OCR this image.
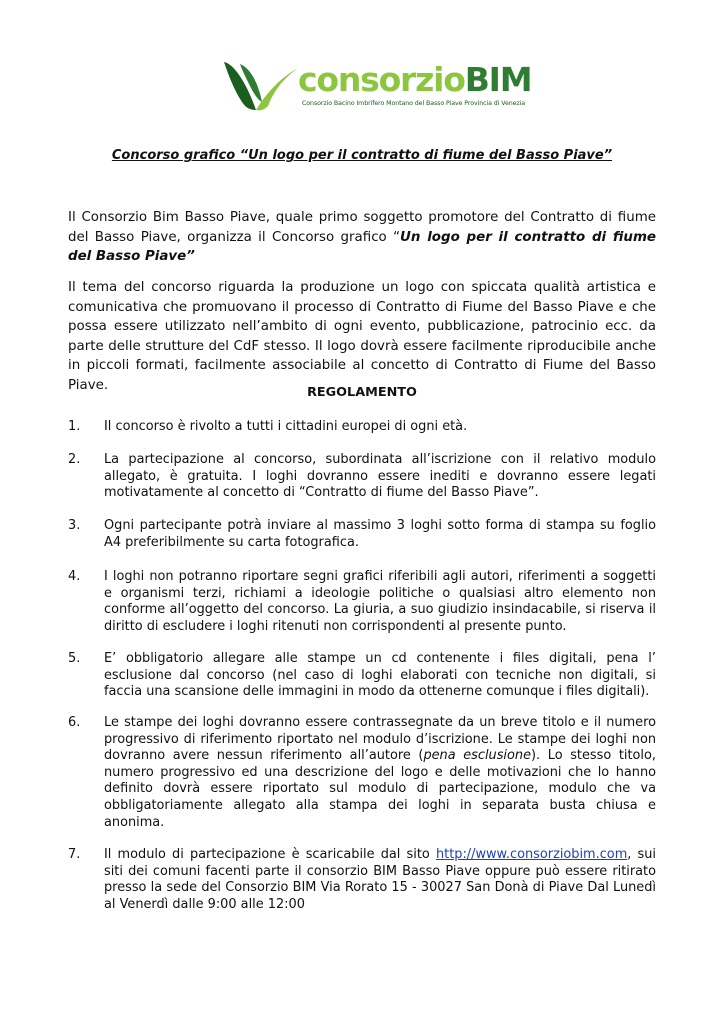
consorzioBIM
Consorzio Bacino Imbrifero Montano del Basso Piave Provincia di Venezia
Concorso grafico “Un logo per il contratto di fiume del Basso Piave”
Il Consorzio Bim Basso Piave, quale primo soggetto promotore del Contratto di fiume del Basso Piave, organizza il Concorso grafico “Un logo per il contratto di fiume del Basso Piave”
Il tema del concorso riguarda la produzione un logo con spiccata qualità artistica e comunicativa che promuovano il processo di Contratto di Fiume del Basso Piave e che possa essere utilizzato nell’ambito di ogni evento, pubblicazione, patrocinio ecc. da parte delle strutture del CdF stesso. Il logo dovrà essere facilmente riproducibile anche in piccoli formati, facilmente associabile al concetto di Contratto di Fiume del Basso Piave.	REGOLAMENTO
1. Il concorso è rivolto a tutti i cittadini europei di ogni età.
2. La partecipazione al concorso, subordinata all’iscrizione con il relativo modulo allegato, è gratuita. I loghi dovranno essere inediti e dovranno essere legati motivatamente al concetto di “Contratto di fiume del Basso Piave”.
3. Ogni partecipante potrà inviare al massimo 3 loghi sotto forma di stampa su foglio A4 preferibilmente su carta fotografica.
4. I loghi non potranno riportare segni grafici riferibili agli autori, riferimenti a soggetti e organismi terzi, richiami a ideologie politiche o qualsiasi altro elemento non conforme all’oggetto del concorso. La giuria, a suo giudizio insindacabile, si riserva il diritto di escludere i loghi ritenuti non corrispondenti al presente punto.
5. E’ obbligatorio allegare alle stampe un cd contenente i files digitali, pena l’ esclusione dal concorso (nel caso di loghi elaborati con tecniche non digitali, si faccia una scansione delle immagini in modo da ottenerne comunque i files digitali).
6. Le stampe dei loghi dovranno essere contrassegnate da un breve titolo e il numero progressivo di riferimento riportato nel modulo d’iscrizione. Le stampe dei loghi non dovranno avere nessun riferimento all’autore (pena esclusione). Lo stesso titolo, numero progressivo ed una descrizione del logo e delle motivazioni che lo hanno definito dovrà essere riportato sul modulo di partecipazione, modulo che va obbligatoriamente allegato alla stampa dei loghi in separata busta chiusa e anonima.
7. Il modulo di partecipazione è scaricabile dal sito http://www.consorziobim.com, sui siti dei comuni facenti parte il consorzio BIM Basso Piave oppure può essere ritirato presso la sede del Consorzio BIM Via Rorato 15 - 30027 San Donà di Piave Dal Lunedì al Venerdì dalle 9:00 alle 12:00
